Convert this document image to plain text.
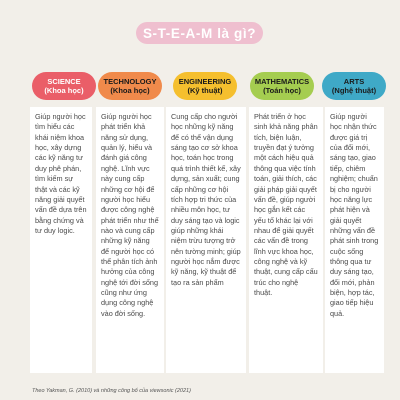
S-T-E-A-M là gì?
SCIENCE
(Khoa học)
TECHNOLOGY
(Khoa học)
ENGINEERING
(Kỹ thuật)
MATHEMATICS
(Toán học)
ARTS
(Nghệ thuật)
Giúp người học tìm hiểu các khái niệm khoa học, xây dựng các kỹ năng tư duy phê phán, tìm kiếm sự thật và các kỹ năng giải quyết vấn đề dựa trên bằng chứng và tư duy logic.
Giúp người học phát triển khả năng sử dụng, quản lý, hiểu và đánh giá công nghệ. Lĩnh vực này cung cấp những cơ hội để người học hiểu được công nghệ phát triển như thế nào và cung cấp những kỹ năng để người học có thể phân tích ảnh hưởng của công nghệ tới đời sống cũng như ứng dụng công nghệ vào đời sống.
Cung cấp cho người học những kỹ năng để có thể vận dụng sáng tạo cơ sở khoa học, toán học trong quá trình thiết kế, xây dựng, sản xuất; cung cấp những cơ hội tích hợp tri thức của nhiều môn học, tư duy sáng tạo và logic giúp những khái niệm trừu tượng trở nên tường minh; giúp người học nắm được kỹ năng, kỹ thuật để tạo ra sản phẩm
Phát triển ở học sinh khả năng phân tích, biện luận, truyền đạt ý tưởng một cách hiệu quả thông qua việc tính toán, giải thích, các giải pháp giải quyết vấn đề, giúp người học gắn kết các yếu tố khác lại với nhau để giải quyết các vấn đề trong lĩnh vực khoa học, công nghệ và kỹ thuật, cung cấp cấu trúc cho nghệ thuật.
Giúp người học nhận thức được giá trị của đổi mới, sáng tạo, giao tiếp, chiêm nghiệm; chuẩn bị cho người học năng lực phát hiện và giải quyết những vấn đề phát sinh trong cuộc sống thông qua tư duy sáng tạo, đổi mới, phản biện, hợp tác, giao tiếp hiệu quả.
Theo Yakman, G. (2010) và những công bố của viewsonic (2021)
